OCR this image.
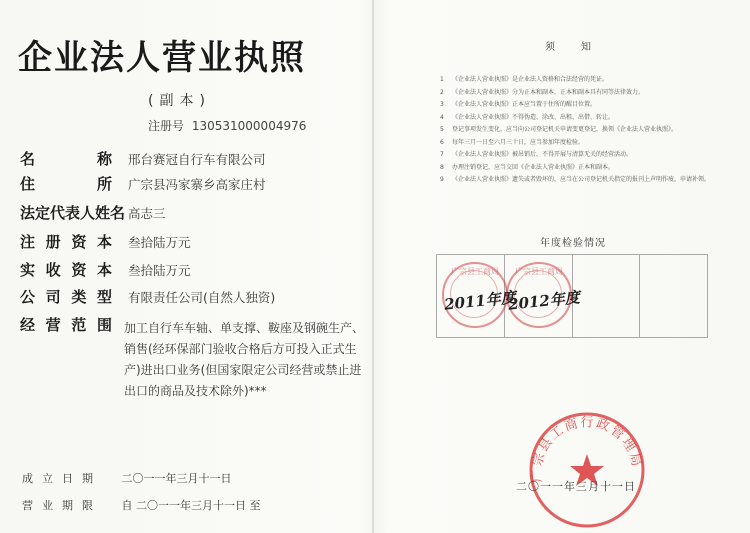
企业法人营业执照
(副本)
注册号 130531000004976
名	称 邢台赛冠自行车有限公司
住	所 广宗县冯家寨乡高家庄村
法定代表人姓名 高志三
注 册 资 本 叁拾陆万元
实 收 资 本 叁拾陆万元
公 司 类 型 有限责任公司(自然人独资)
经 营 范 围 加工自行车车轴、单支撑、鞍座及钢碗生产、销售(经环保部门验收合格后方可投入正式生产)进出口业务(但国家限定公司经营或禁止进出口的商品及技术除外)***
成立日期 二〇一一年三月十一日
营业期限 自 二〇一一年三月十一日 至
须知
1 《企业法人营业执照》是企业法人资格和合法经营的凭证。
2 《企业法人营业执照》分为正本和副本，正本和副本具有同等法律效力。
3 《企业法人营业执照》正本应当置于住所的醒目位置。
4 《企业法人营业执照》不得伪造、涂改、出租、出借、转让。
5 登记事项发生变化，应当向公司登记机关申请变更登记，换领《企业法人营业执照》。
6 每年三月一日至六月三十日，应当参加年度检验。
7 《企业法人营业执照》被吊销后，不得开展与清算无关的经营活动。
8 办理注销登记，应当交回《企业法人营业执照》正本和副本。
9 《企业法人营业执照》遗失或者毁坏的，应当在公司登记机关指定的报刊上声明作废，申请补领。
年度检验情况
广宗县工商局	广宗县工商局
2011年度
2012年度
广宗县工商行政管理局
二〇一一年三月十一日
